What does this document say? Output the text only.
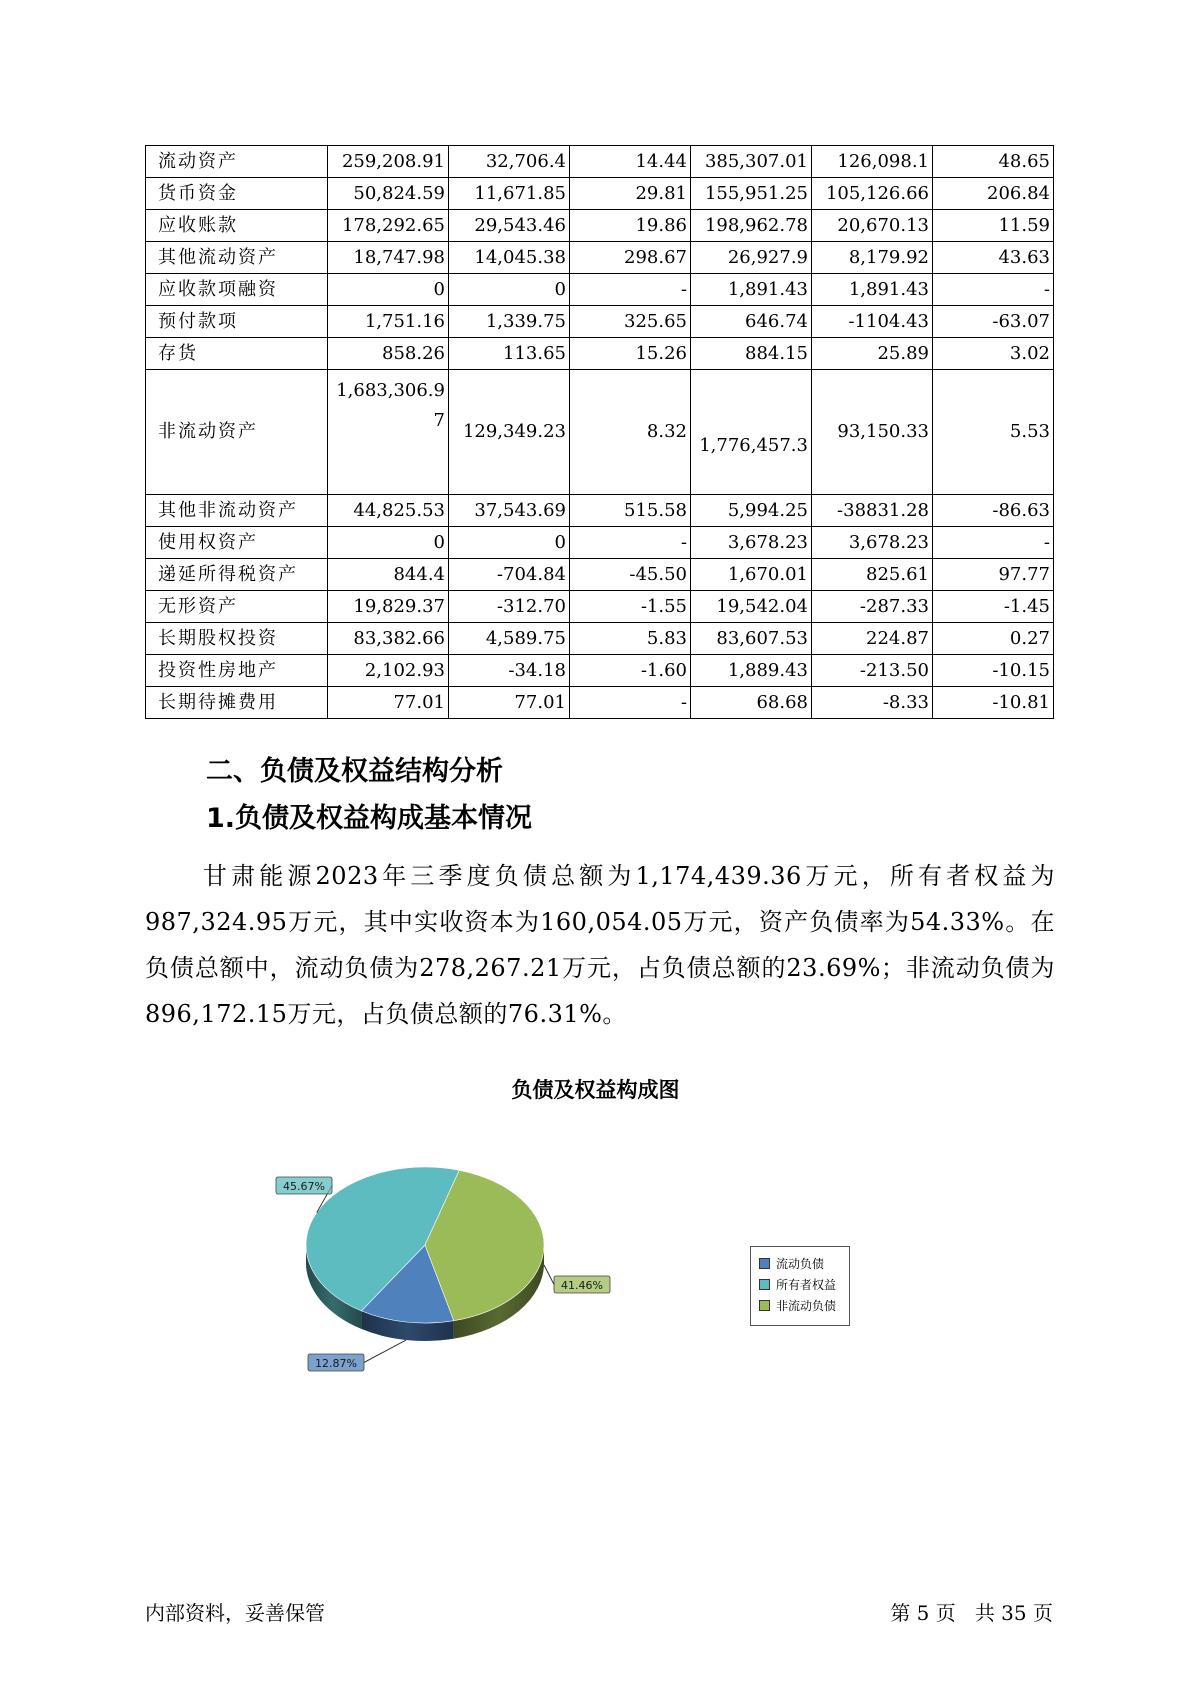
流动资产	259,208.91	32,706.4	14.44	385,307.01	126,098.1	48.65
货币资金	50,824.59	11,671.85	29.81	155,951.25	105,126.66	206.84
应收账款	178,292.65	29,543.46	19.86	198,962.78	20,670.13	11.59
其他流动资产	18,747.98	14,045.38	298.67	26,927.9	8,179.92	43.63
应收款项融资	0	0	-	1,891.43	1,891.43	-
预付款项	1,751.16	1,339.75	325.65	646.74	-1104.43	-63.07
存货	858.26	113.65	15.26	884.15	25.89	3.02
非流动资产	1,683,306.97	129,349.23	8.32	1,776,457.3	93,150.33	5.53
其他非流动资产	44,825.53	37,543.69	515.58	5,994.25	-38831.28	-86.63
使用权资产	0	0	-	3,678.23	3,678.23	-
递延所得税资产	844.4	-704.84	-45.50	1,670.01	825.61	97.77
无形资产	19,829.37	-312.70	-1.55	19,542.04	-287.33	-1.45
长期股权投资	83,382.66	4,589.75	5.83	83,607.53	224.87	0.27
投资性房地产	2,102.93	-34.18	-1.60	1,889.43	-213.50	-10.15
长期待摊费用	77.01	77.01	-	68.68	-8.33	-10.81
二、负债及权益结构分析
1.负债及权益构成基本情况
甘肃能源2023年三季度负债总额为1,174,439.36万元，所有者权益为987,324.95万元，其中实收资本为160,054.05万元，资产负债率为54.33%。在负债总额中，流动负债为278,267.21万元，占负债总额的23.69%；非流动负债为896,172.15万元，占负债总额的76.31%。
负债及权益构成图
12.87%
45.67%
41.46%
流动负债
所有者权益
非流动负债
内部资料，妥善保管	第 5 页   共 35 页
